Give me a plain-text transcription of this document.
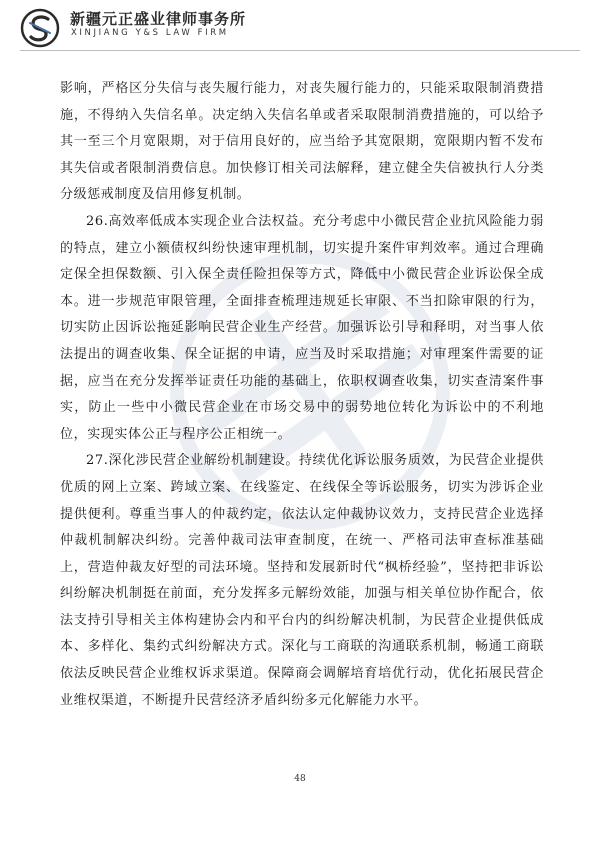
新疆元正盛业律师事务所
XINJIANG Y&S LAW FIRM

影响，严格区分失信与丧失履行能力，对丧失履行能力的，只能采取限制消费措施，不得纳入失信名单。决定纳入失信名单或者采取限制消费措施的，可以给予其一至三个月宽限期，对于信用良好的，应当给予其宽限期，宽限期内暂不发布其失信或者限制消费信息。加快修订相关司法解释，建立健全失信被执行人分类分级惩戒制度及信用修复机制。

26.高效率低成本实现企业合法权益。充分考虑中小微民营企业抗风险能力弱的特点，建立小额债权纠纷快速审理机制，切实提升案件审判效率。通过合理确定保全担保数额、引入保全责任险担保等方式，降低中小微民营企业诉讼保全成本。进一步规范审限管理，全面排查梳理违规延长审限、不当扣除审限的行为，切实防止因诉讼拖延影响民营企业生产经营。加强诉讼引导和释明，对当事人依法提出的调查收集、保全证据的申请，应当及时采取措施；对审理案件需要的证据，应当在充分发挥举证责任功能的基础上，依职权调查收集，切实查清案件事实，防止一些中小微民营企业在市场交易中的弱势地位转化为诉讼中的不利地位，实现实体公正与程序公正相统一。

27.深化涉民营企业解纷机制建设。持续优化诉讼服务质效，为民营企业提供优质的网上立案、跨域立案、在线鉴定、在线保全等诉讼服务，切实为涉诉企业提供便利。尊重当事人的仲裁约定，依法认定仲裁协议效力，支持民营企业选择仲裁机制解决纠纷。完善仲裁司法审查制度，在统一、严格司法审查标准基础上，营造仲裁友好型的司法环境。坚持和发展新时代“枫桥经验”，坚持把非诉讼纠纷解决机制挺在前面，充分发挥多元解纷效能，加强与相关单位协作配合，依法支持引导相关主体构建协会内和平台内的纠纷解决机制，为民营企业提供低成本、多样化、集约式纠纷解决方式。深化与工商联的沟通联系机制，畅通工商联依法反映民营企业维权诉求渠道。保障商会调解培育培优行动，优化拓展民营企业维权渠道，不断提升民营经济矛盾纠纷多元化解能力水平。

48
